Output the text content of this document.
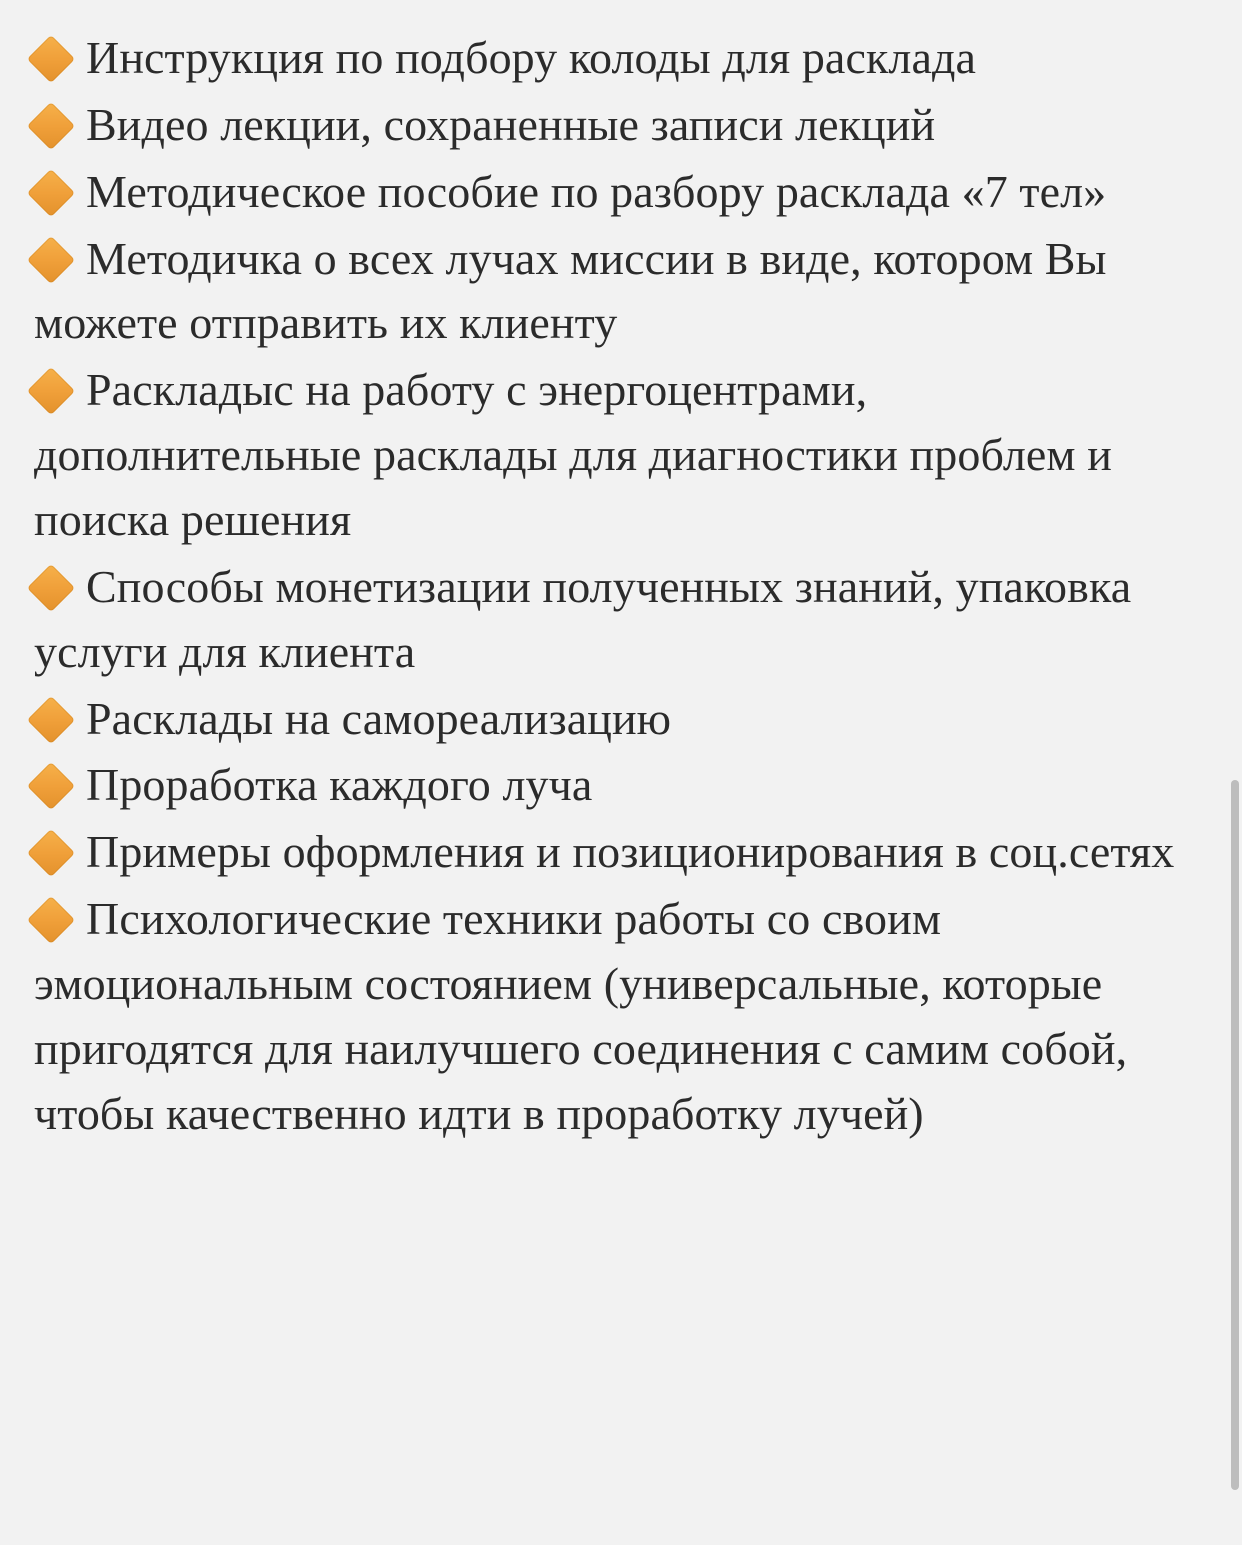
Инструкция по подбору колоды для расклада
Видео лекции, сохраненные записи лекций
Методическое пособие по разбору расклада «7 тел»
Методичка о всех лучах миссии в виде, котором Вы можете отправить их клиенту
Раскладыс на работу с энергоцентрами, дополнительные расклады для диагностики проблем и поиска решения
Способы монетизации полученных знаний, упаковка услуги для клиента
Расклады на самореализацию
Проработка каждого луча
Примеры оформления и позиционирования в соц.сетях
Психологические техники работы со своим эмоциональным состоянием (универсальные, которые пригодятся для наилучшего соединения с самим собой, чтобы качественно идти в проработку лучей)
